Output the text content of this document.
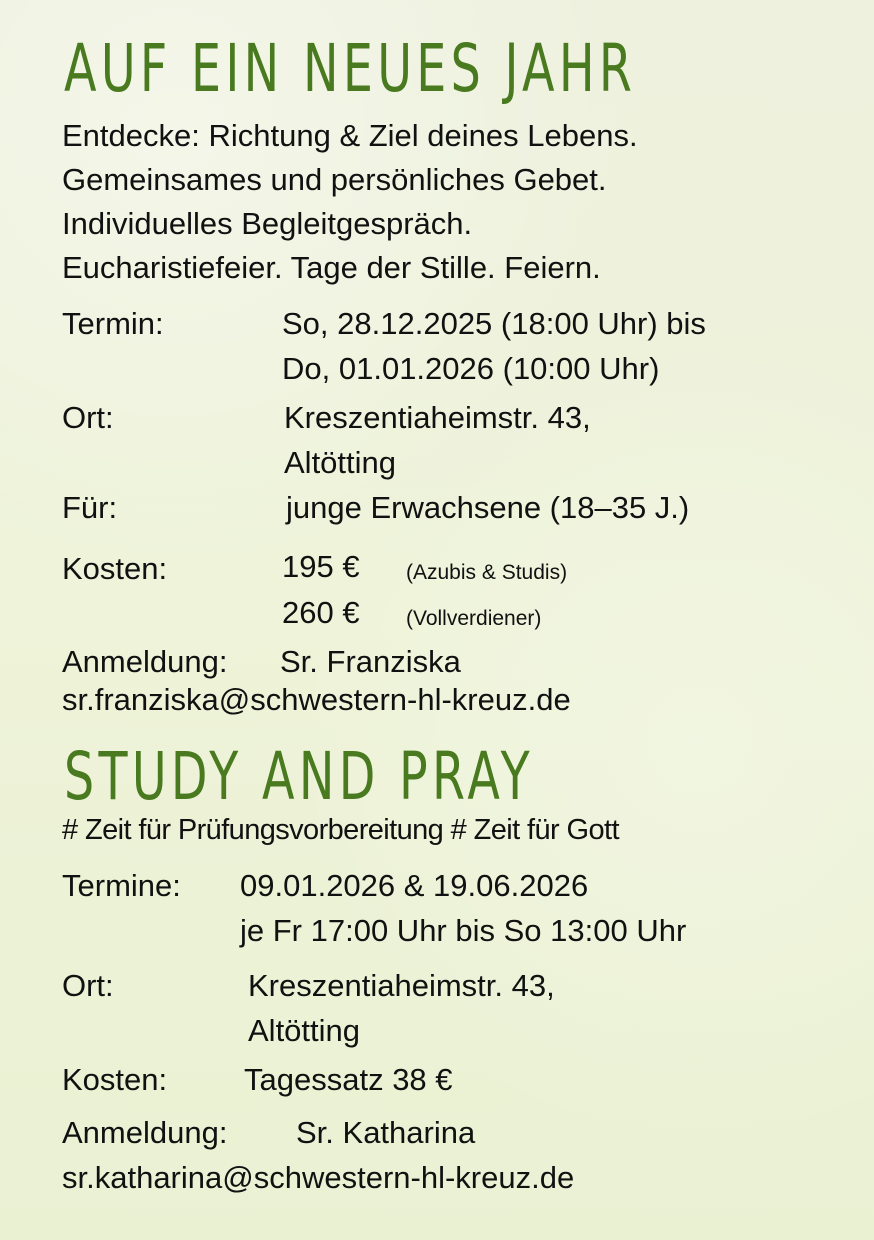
AUF EIN NEUES JAHR
Entdecke: Richtung & Ziel deines Lebens.
Gemeinsames und persönliches Gebet.
Individuelles Begleitgespräch.
Eucharistiefeier. Tage der Stille. Feiern.
Termin:	So, 28.12.2025 (18:00 Uhr) bis
Do, 01.01.2026 (10:00 Uhr)
Ort:	Kreszentiaheimstr. 43,
Altötting
Für:	junge Erwachsene (18–35 J.)
Kosten:	195 € (Azubis & Studis)
260 € (Vollverdiener)
Anmeldung: Sr. Franziska
sr.franziska@schwestern-hl-kreuz.de
STUDY AND PRAY
# Zeit für Prüfungsvorbereitung # Zeit für Gott
Termine: 09.01.2026 & 19.06.2026
je Fr 17:00 Uhr bis So 13:00 Uhr
Ort:	Kreszentiaheimstr. 43,
Altötting
Kosten: Tagessatz 38 €
Anmeldung: Sr. Katharina
sr.katharina@schwestern-hl-kreuz.de
